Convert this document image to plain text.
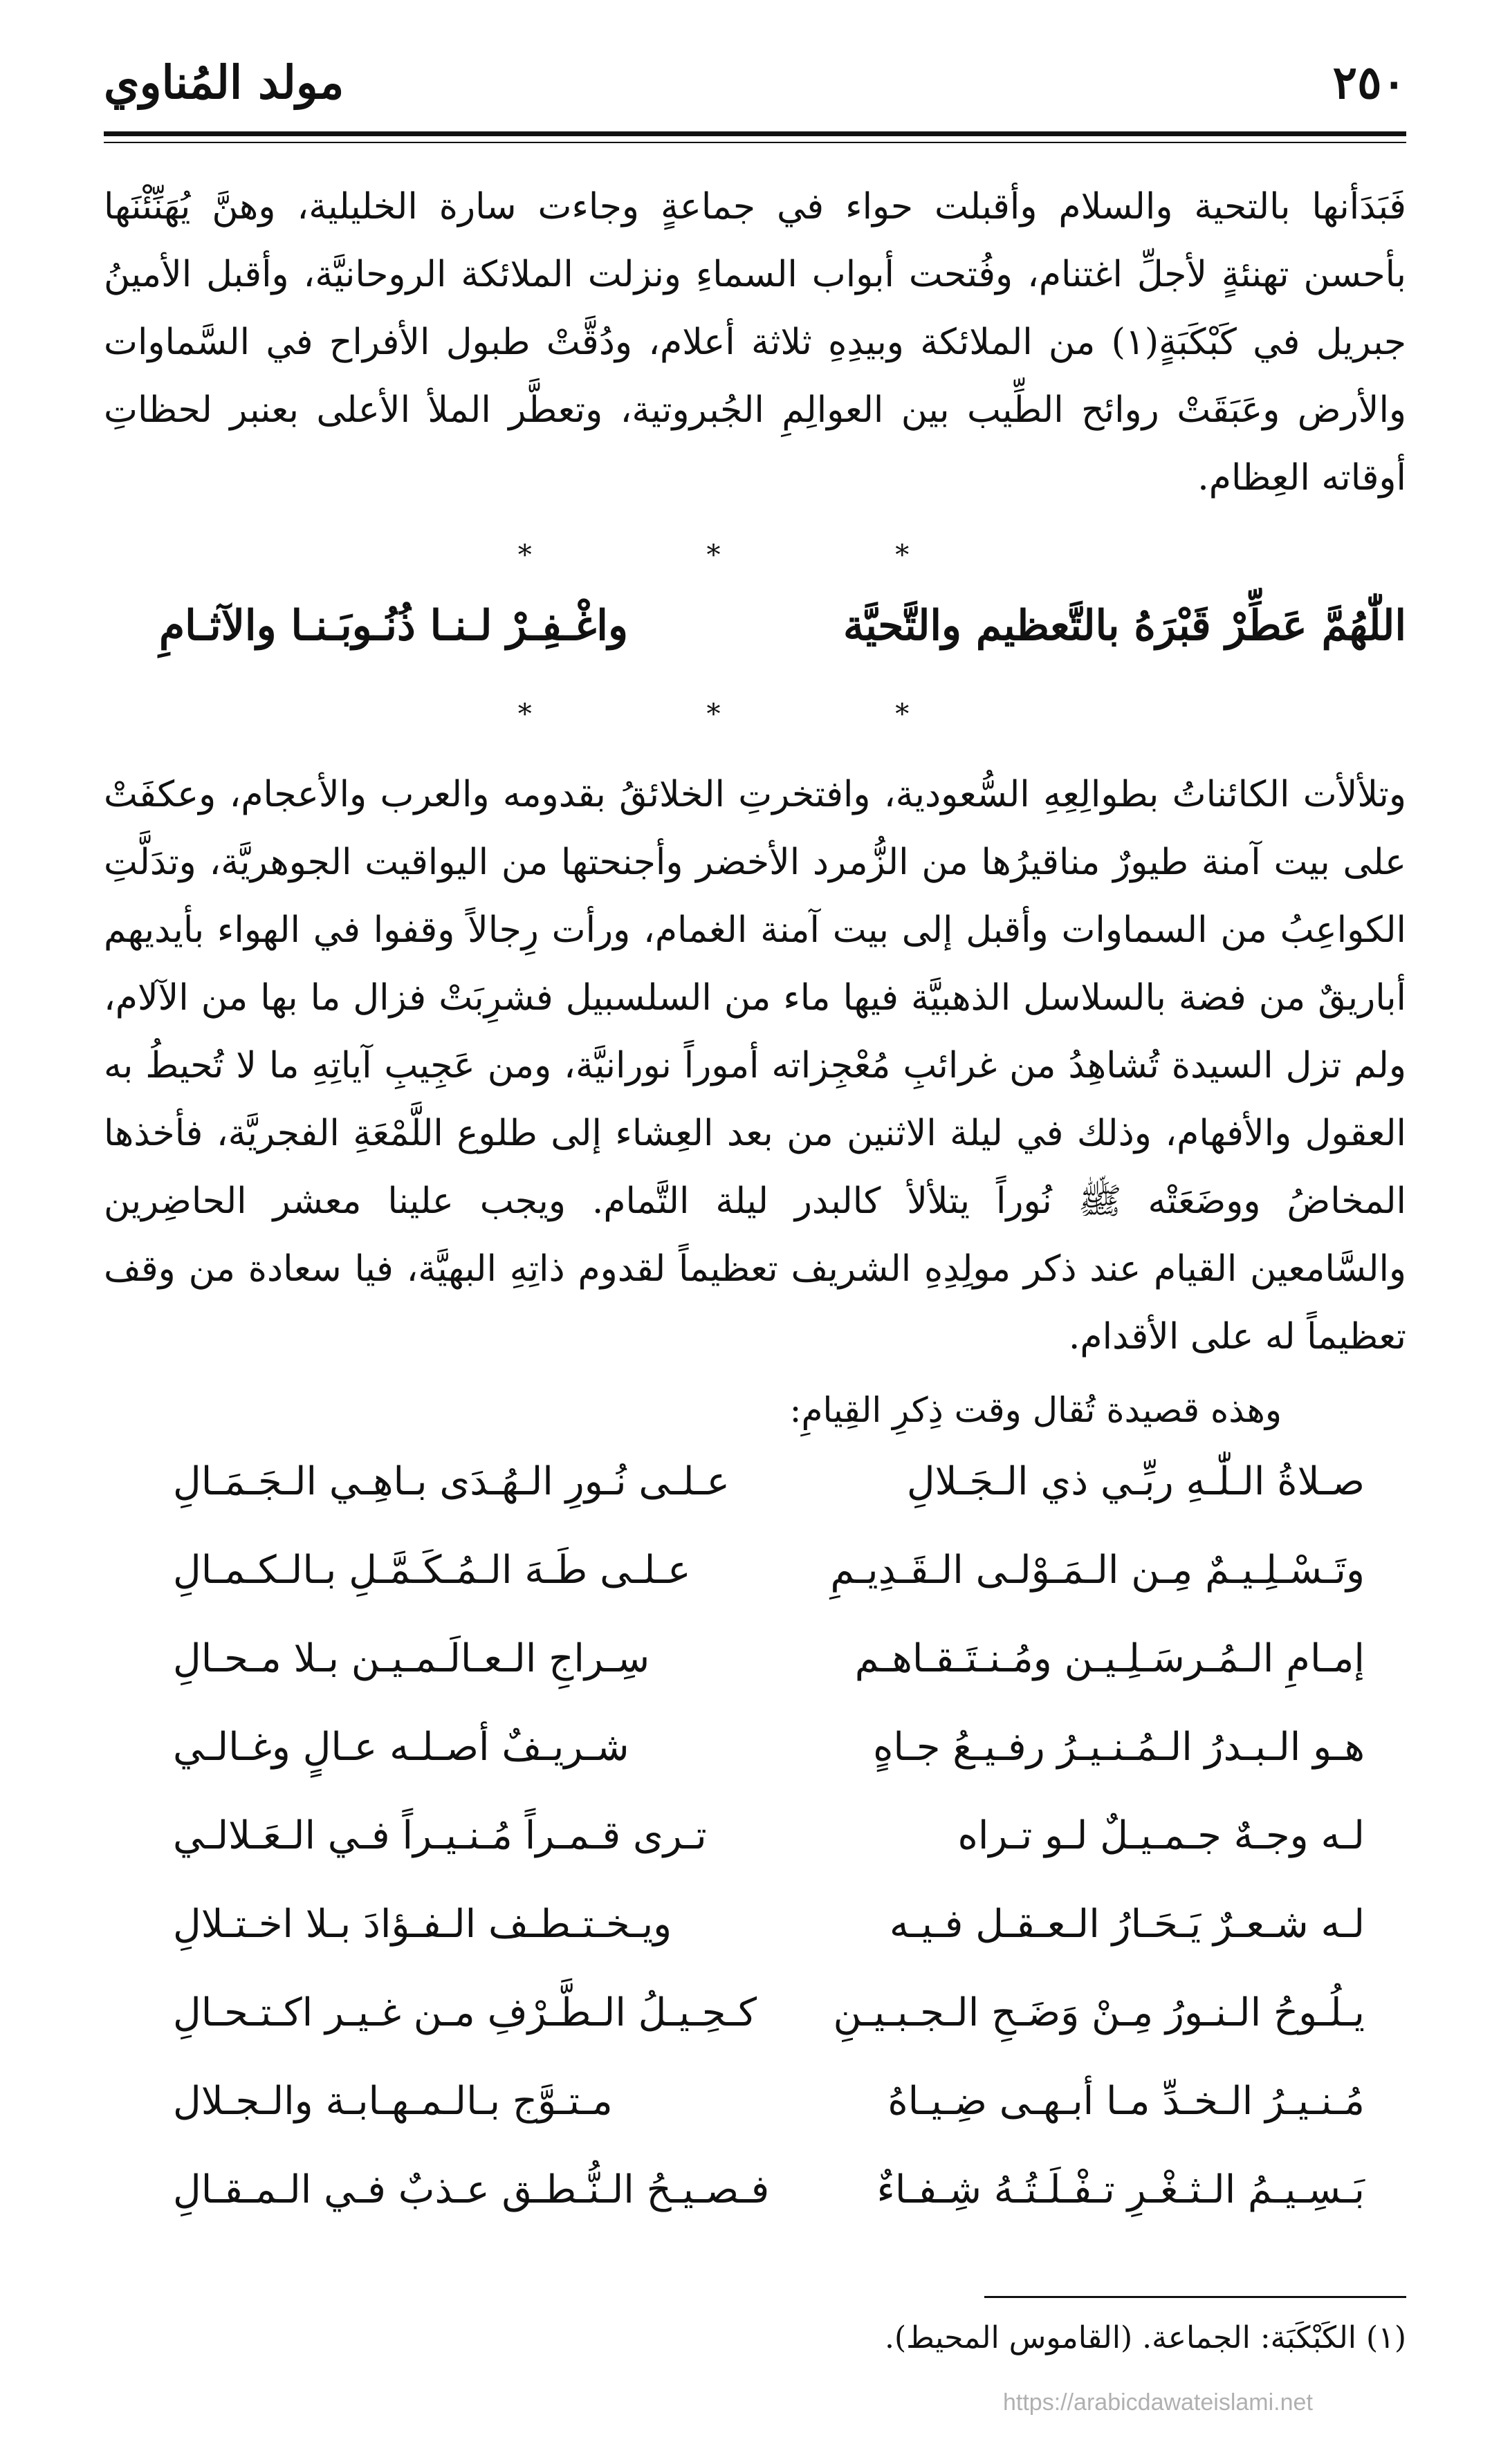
٢٥٠
مولد المُناوي
فَبَدَأنها بالتحية والسلام وأقبلت حواء في جماعةٍ وجاءت سارة الخليلية، وهنَّ يُهَنِّئْنَها بأحسن تهنئةٍ لأجلِّ اغتنام، وفُتحت أبواب السماءِ ونزلت الملائكة الروحانيَّة، وأقبل الأمينُ جبريل في كَبْكَبَةٍ(١) من الملائكة وبيدِهِ ثلاثة أعلام، ودُقَّتْ طبول الأفراح في السَّماوات والأرض وعَبَقَتْ روائح الطِّيب بين العوالِمِ الجُبروتية، وتعطَّر الملأ الأعلى بعنبر لحظاتِ أوقاته العِظام.
* * *
اللّٰهُمَّ عَطِّرْ قَبْرَهُ بالتَّعظيم والتَّحيَّة
واغْـفِـرْ لـنـا ذُنُـوبَـنـا والآثـامِ
* * *
وتلألأت الكائناتُ بطوالِعِهِ السُّعودية، وافتخرتِ الخلائقُ بقدومه والعرب والأعجام، وعكفَتْ على بيت آمنة طيورٌ مناقيرُها من الزُّمرد الأخضر وأجنحتها من اليواقيت الجوهريَّة، وتدَلَّتِ الكواعِبُ من السماوات وأقبل إلى بيت آمنة الغمام، ورأت رِجالاً وقفوا في الهواء بأيديهم أباريقٌ من فضة بالسلاسل الذهبيَّة فيها ماء من السلسبيل فشرِبَتْ فزال ما بها من الآلام، ولم تزل السيدة تُشاهِدُ من غرائبِ مُعْجِزاته أموراً نورانيَّة، ومن عَجِيبِ آياتِهِ ما لا تُحيطُ به العقول والأفهام، وذلك في ليلة الاثنين من بعد العِشاء إلى طلوع اللَّمْعَةِ الفجريَّة، فأخذها المخاضُ ووضَعَتْه ﷺ نُوراً يتلألأ كالبدر ليلة التَّمام. ويجب علينا معشر الحاضِرين والسَّامعين القيام عند ذكر مولِدِهِ الشريف تعظيماً لقدوم ذاتِهِ البهيَّة، فيا سعادة من وقف تعظيماً له على الأقدام.
وهذه قصيدة تُقال وقت ذِكرِ القِيامِ:
صـلاةُ الـلّٰـهِ ربِّـي ذي الـجَـلالِ
عـلـى نُـورِ الـهُـدَى بـاهِـي الـجَـمَـالِ
وتَـسْـلِـيـمٌ مِـن الـمَـوْلـى الـقَـدِيـمِ
عـلـى طَـهَ الـمُـكَـمَّـلِ بـالـكـمـالِ
إمـامِ الـمُـرسَـلِـيـن ومُـنـتَـقـاهـم
سِـراجِ الـعـالَـمـيـن بـلا مـحـالِ
هـو الـبـدرُ الـمُـنـيـرُ رفـيـعُ جـاهٍ
شـريـفٌ أصـلـه عـالٍ وغـالـي
لـه وجـهٌ جـمـيـلٌ لـو تـراه
تـرى قـمـراً مُـنـيـراً فـي الـعَـلالـي
لـه شـعـرٌ يَـحَـارُ الـعـقـل فـيـه
ويـخـتـطـف الـفـؤادَ بـلا اخـتـلالِ
يـلُـوحُ الـنـورُ مِـنْ وَضَـحِ الـجـبـيـنِ
كـحِـيـلُ الـطَّـرْفِ مـن غـيـر اكـتـحـالِ
مُـنـيـرُ الـخـدِّ مـا أبـهـى ضِـيـاهُ
مـتـوَّج بـالـمـهـابـة والـجـلال
بَـسِـيـمُ الـثـغْـرِ تـفْـلَـتُـهُ شِـفـاءٌ
فـصـيـحُ الـنُّـطـق عـذبٌ فـي الـمـقـالِ
(١) الكَبْكَبَة: الجماعة. (القاموس المحيط).
https://arabicdawateislami.net
